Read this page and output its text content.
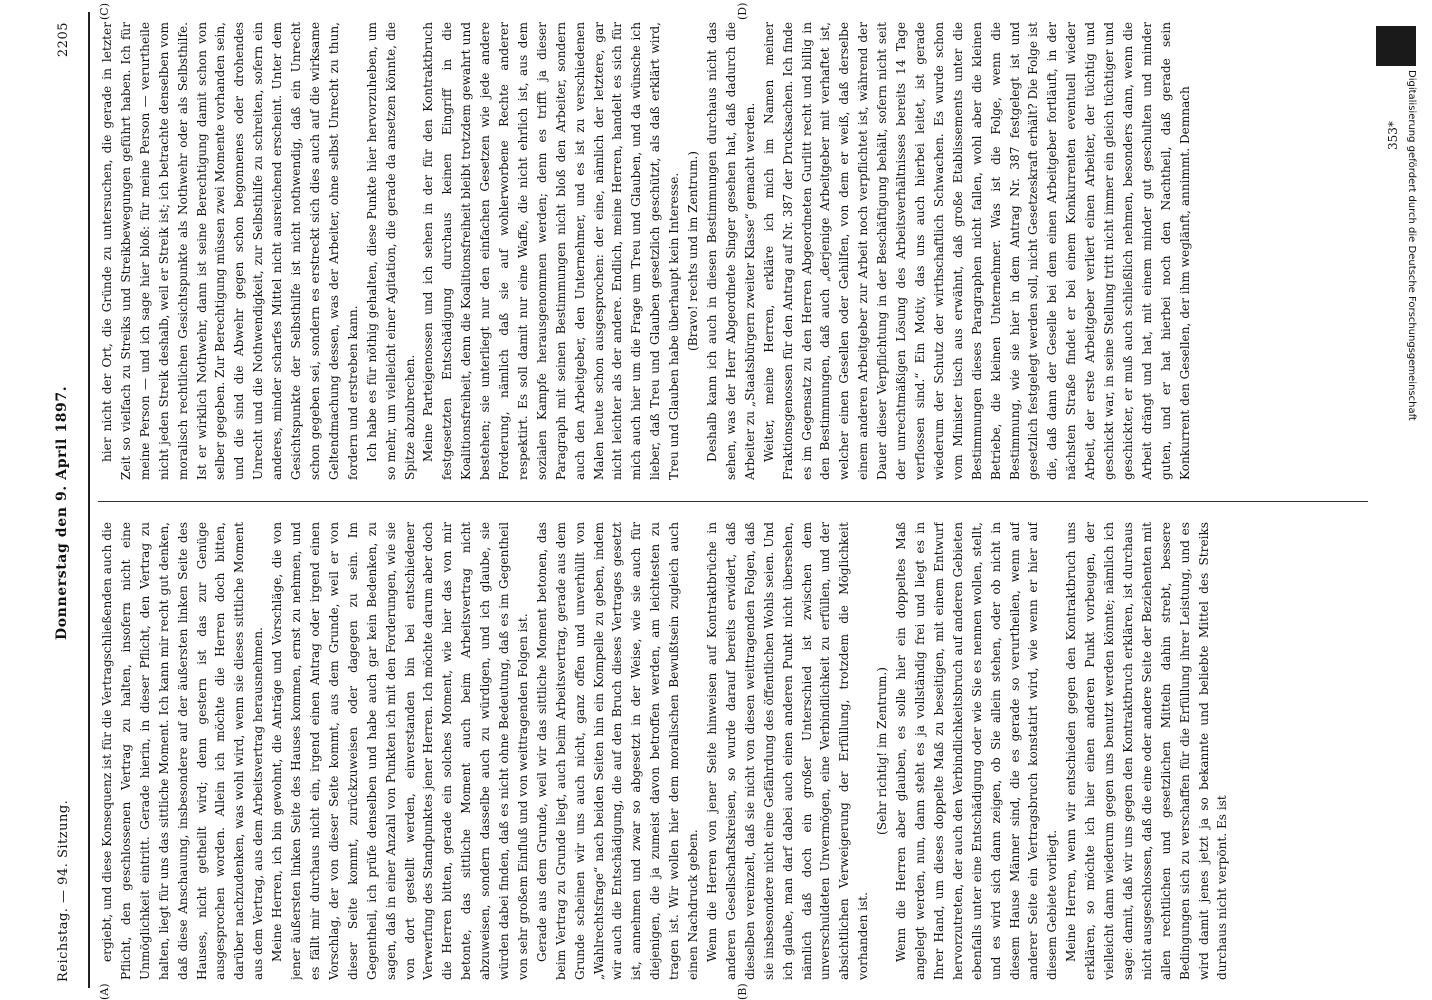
Reichstag. — 94. Sitzung.
Donnerstag den 9. April 1897.
2205
(A)	(B)
(C)	(D)

ergiebt, und diese Konsequenz ist für die Vertragschließenden auch die Pflicht, den geschlossenen Vertrag zu halten, insofern nicht eine Unmöglichkeit eintritt. Gerade hierin, in dieser Pflicht, den Vertrag zu halten, liegt für uns das sittliche Moment. Ich kann mir recht gut denken, daß diese Anschauung, insbesondere auf der äußersten linken Seite des Hauses, nicht getheilt wird; denn gestern ist das zur Genüge ausgesprochen worden. Allein ich möchte die Herren doch bitten, darüber nachzudenken, was wohl wird, wenn sie dieses sittliche Moment aus dem Vertrag, aus dem Arbeitsvertrag herausnehmen. Meine Herren, ich bin gewohnt, die Anträge und Vorschläge, die von jener äußersten linken Seite des Hauses kommen, ernst zu nehmen, und es fällt mir durchaus nicht ein, irgend einen Antrag oder irgend einen Vorschlag, der von dieser Seite kommt, aus dem Grunde, weil er von dieser Seite kommt, zurückzuweisen oder dagegen zu sein. Im Gegentheil, ich prüfe denselben und habe auch gar kein Bedenken, zu sagen, daß in einer Anzahl von Punkten ich mit den Forderungen, wie sie von dort gestellt werden, einverstanden bin bei entschiedener Verwerfung des Standpunktes jener Herren. Ich möchte darum aber doch die Herren bitten, gerade ein solches Moment, wie hier das von mir betonte, das sittliche Moment auch beim Arbeitsvertrag nicht abzuweisen, sondern dasselbe auch zu würdigen, und ich glaube, sie würden dabei finden, daß es nicht ohne Bedeutung, daß es im Gegentheil von sehr großem Einfluß und von weittragenden Folgen ist. Gerade aus dem Grunde, weil wir das sittliche Moment betonen, das beim Vertrag zu Grunde liegt, auch beim Arbeitsvertrag, gerade aus dem Grunde scheinen wir uns auch nicht, ganz offen und unverhüllt von „Wahlrechtsfrage“ nach beiden Seiten hin ein Kompelle zu geben, indem wir auch die Entschädigung, die auf den Bruch dieses Vertrages gesetzt ist, annehmen und zwar so abgesetzt in der Weise, wie sie auch für diejenigen, die ja zumeist davon betroffen werden, am leichtesten zu tragen ist. Wir wollen hier dem moralischen Bewußtsein zugleich auch einen Nachdruck geben. Wenn die Herren von jener Seite hinweisen auf Kontraktbrüche in anderen Gesellschaftskreisen, so wurde darauf bereits erwidert, daß dieselben vereinzelt, daß sie nicht von diesen weittragenden Folgen, daß sie insbesondere nicht eine Gefährdung des öffentlichen Wohls seien. Und ich glaube, man darf dabei auch einen anderen Punkt nicht übersehen, nämlich daß doch ein großer Unterschied ist zwischen dem unverschuldeten Unvermögen, eine Verbindlichkeit zu erfüllen, und der absichtlichen Verweigerung der Erfüllung, trotzdem die Möglichkeit vorhanden ist.

(Sehr richtig! im Zentrum.) Wenn die Herren aber glauben, es solle hier ein doppeltes Maß angelegt werden, nun, dann steht es ja vollständig frei und liegt es in Ihrer Hand, um dieses doppelte Maß zu beseitigen, mit einem Entwurf hervorzutreten, der auch den Verbindlichkeitsbruch auf anderen Gebieten ebenfalls unter eine Entschädigung oder wie Sie es nennen wollen, stellt, und es wird sich dann zeigen, ob Sie allein stehen, oder ob nicht in diesem Hause Männer sind, die es gerade so verurtheilen, wenn auf anderer Seite ein Vertragsbruch konstatirt wird, wie wenn er hier auf diesem Gebiete vorliegt. Meine Herren, wenn wir entschieden gegen den Kontraktbruch uns erklären, so möchte ich hier einen anderen Punkt vorbeugen, der vielleicht dann wiederum gegen uns benutzt werden könnte; nämlich ich sage: damit, daß wir uns gegen den Kontraktbruch erklären, ist durchaus nicht ausgeschlossen, daß die eine oder andere Seite der Beziehenten mit allen rechtlichen und gesetzlichen Mitteln dahin strebt, bessere Bedingungen sich zu verschaffen für die Erfüllung ihrer Leistung, und es wird damit jenes jetzt ja so bekannte und beliebte Mittel des Streiks durchaus nicht verpönt. Es ist

hier nicht der Ort, die Gründe zu untersuchen, die gerade in letzter Zeit so vielfach zu Streiks und Streikbewegungen geführt haben. Ich für meine Person — und ich sage hier bloß: für meine Person — verurtheile nicht jeden Streik deshalb, weil er Streik ist; ich betrachte denselben vom moralisch rechtlichen Gesichtspunkte als Nothwehr oder als Selbsthilfe. Ist er wirklich Nothwehr, dann ist seine Berechtigung damit schon von selber gegeben. Zur Berechtigung müssen zwei Momente vorhanden sein, und die sind die Abwehr gegen schon begonnenes oder drohendes Unrecht und die Nothwendigkeit, zur Selbsthilfe zu schreiten, sofern ein anderes, minder scharfes Mittel nicht ausreichend erscheint. Unter dem Gesichtspunkte der Selbsthilfe ist nicht nothwendig, daß ein Unrecht schon gegeben sei, sondern es erstreckt sich dies auch auf die wirksame Geltendmachung dessen, was der Arbeiter, ohne selbst Unrecht zu thun, fordern und erstreben kann. Ich habe es für nöthig gehalten, diese Punkte hier hervorzuheben, um so mehr, um vielleicht einer Agitation, die gerade da ansetzen könnte, die Spitze abzubrechen. Meine Parteigenossen und ich sehen in der für den Kontraktbruch festgesetzten Entschädigung durchaus keinen Eingriff in die Koalitionsfreiheit, denn die Koalitionsfreiheit bleibt trotzdem gewahrt und bestehen; sie unterliegt nur den einfachen Gesetzen wie jede andere Forderung, nämlich daß sie auf wohlerworbene Rechte anderer respektirt. Es soll damit nur eine Waffe, die nicht ehrlich ist, aus dem sozialen Kampfe herausgenommen werden; denn es trifft ja dieser Paragraph mit seinen Bestimmungen nicht bloß den Arbeiter, sondern auch den Arbeitgeber, den Unternehmer, und es ist zu verschiedenen Malen heute schon ausgesprochen: der eine, nämlich der letztere, gar nicht leichter als der andere. Endlich, meine Herren, handelt es sich für mich auch hier um die Frage um Treu und Glauben, und da wünsche ich lieber, daß Treu und Glauben gesetzlich geschützt, als daß erklärt wird, Treu und Glauben habe überhaupt kein Interesse. (Bravo! rechts und im Zentrum.) Deshalb kann ich auch in diesen Bestimmungen durchaus nicht das sehen, was der Herr Abgeordnete Singer gesehen hat, daß dadurch die Arbeiter zu „Staatsbürgern zweiter Klasse“ gemacht werden. Weiter, meine Herren, erkläre ich mich im Namen meiner Fraktionsgenossen für den Antrag auf Nr. 387 der Drucksachen. Ich finde es im Gegensatz zu den Herren Abgeordneten Gurlitt recht und billig in den Bestimmungen, daß auch „derjenige Arbeitgeber mit verhaftet ist, welcher einen Gesellen oder Gehilfen, von dem er weiß, daß derselbe einem anderen Arbeitgeber zur Arbeit noch verpflichtet ist, während der Dauer dieser Verpflichtung in der Beschäftigung behält, sofern nicht seit der unrechtmäßigen Lösung des Arbeitsverhältnisses bereits 14 Tage verflossen sind.“ Ein Motiv, das uns auch hierbei leitet, ist gerade wiederum der Schutz der wirthschaftlich Schwachen. Es wurde schon vom Minister tisch aus erwähnt, daß große Etablissements unter die Bestimmungen dieses Paragraphen nicht fallen, wohl aber die kleinen Betriebe, die kleinen Unternehmer. Was ist die Folge, wenn die Bestimmung, wie sie hier in dem Antrag Nr. 387 festgelegt ist und gesetzlich festgelegt werden soll, nicht Gesetzeskraft erhält? Die Folge ist die, daß dann der Geselle bei dem einen Arbeitgeber fortläuft, in der nächsten Straße findet er bei einem Konkurrenten eventuell wieder Arbeit, der erste Arbeitgeber verliert einen Arbeiter, der tüchtig und geschickt war, in seine Stellung tritt nicht immer ein gleich tüchtiger und geschickter, er muß auch schließlich nehmen, besonders dann, wenn die Arbeit drängt und hat, mit einem minder gut geschulten und minder guten, und er hat hierbei noch den Nachtheil, daß gerade sein Konkurrent den Gesellen, der ihm weglänft, annimmt. Demnach	353* Digitalisierung gefördert durch die Deutsche Forschungsgemeinschaft
